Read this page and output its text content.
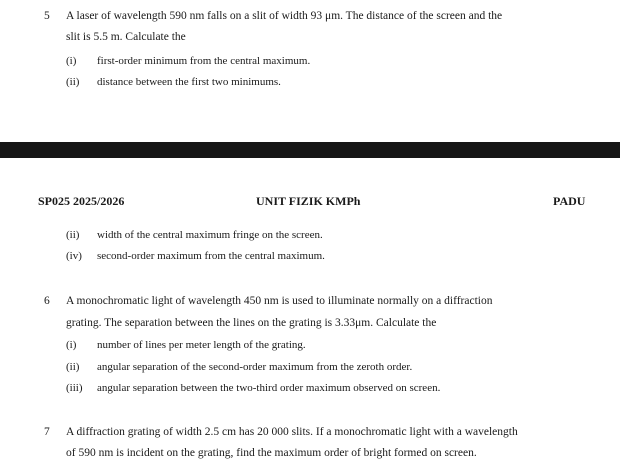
5 A laser of wavelength 590 nm falls on a slit of width 93 μm. The distance of the screen and the
slit is 5.5 m. Calculate the
(i) first-order minimum from the central maximum.
(ii) distance between the first two minimums.
SP025 2025/2026	UNIT FIZIK KMPh	PADU
(ii) width of the central maximum fringe on the screen.
(iv) second-order maximum from the central maximum.
6 A monochromatic light of wavelength 450 nm is used to illuminate normally on a diffraction
grating. The separation between the lines on the grating is 3.33μm. Calculate the
(i) number of lines per meter length of the grating.
(ii) angular separation of the second-order maximum from the zeroth order.
(iii) angular separation between the two-third order maximum observed on screen.
7 A diffraction grating of width 2.5 cm has 20 000 slits. If a monochromatic light with a wavelength
of 590 nm is incident on the grating, find the maximum order of bright formed on screen.
